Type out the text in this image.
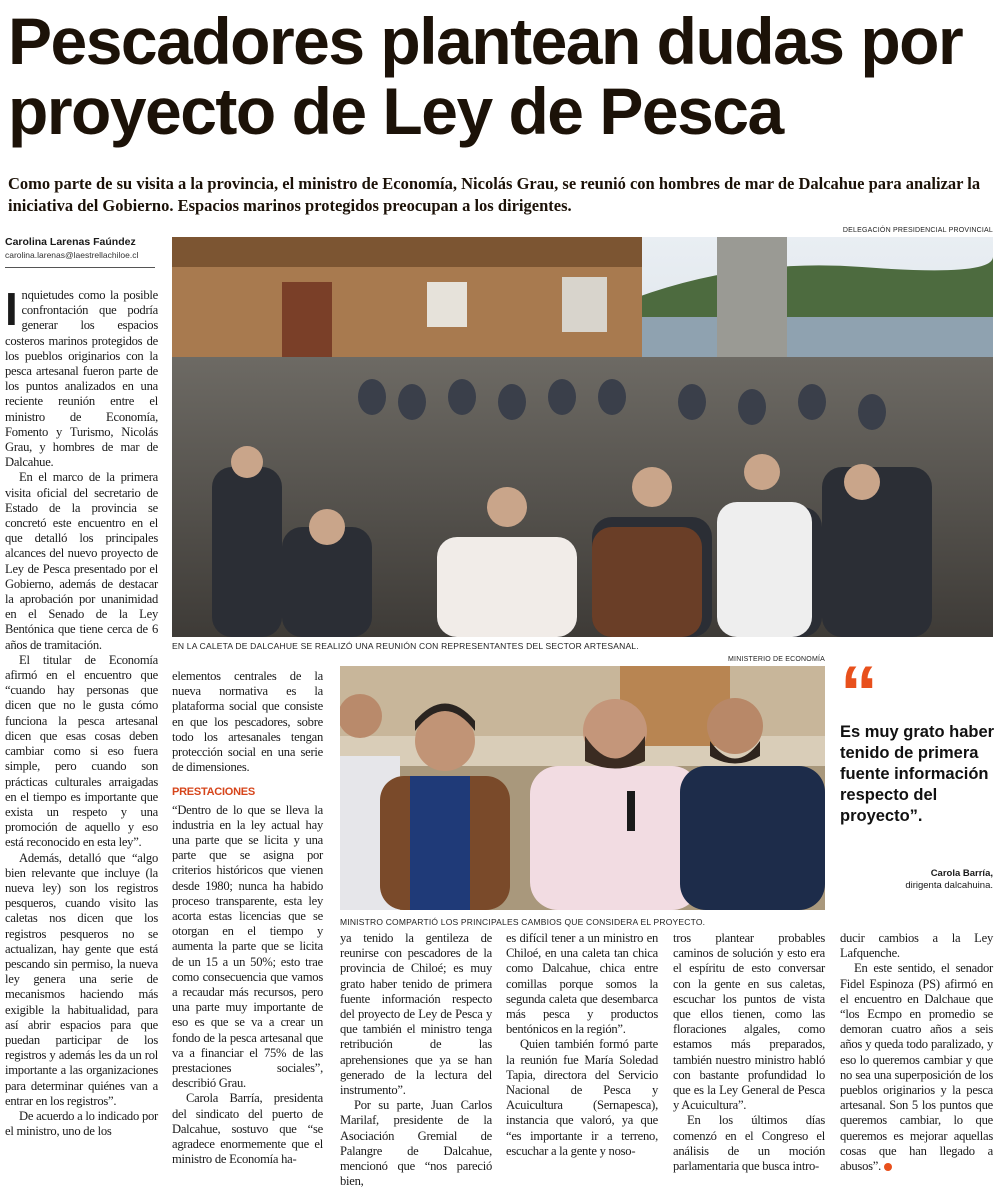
Pescadores plantean dudas por proyecto de Ley de Pesca
Como parte de su visita a la provincia, el ministro de Economía, Nicolás Grau, se reunió con hombres de mar de Dalcahue para analizar la iniciativa del Gobierno. Espacios marinos protegidos preocupan a los dirigentes.
Carolina Larenas Faúndez
carolina.larenas@laestrellachiloe.cl
DELEGACIÓN PRESIDENCIAL PROVINCIAL
EN LA CALETA DE DALCAHUE SE REALIZÓ UNA REUNIÓN CON REPRESENTANTES DEL SECTOR ARTESANAL.
MINISTERIO DE ECONOMÍA
MINISTRO COMPARTIÓ LOS PRINCIPALES CAMBIOS QUE CONSIDERA EL PROYECTO.
“
Es muy grato haber tenido de primera fuente información respecto del proyecto”.
Carola Barría,
dirigenta dalcahuina.

Inquietudes como la posible confrontación que podría generar los espacios costeros marinos protegidos de los pueblos originarios con la pesca artesanal fueron parte de los puntos analizados en una reciente reunión entre el ministro de Economía, Fomento y Turismo, Nicolás Grau, y hombres de mar de Dalcahue.

En el marco de la primera visita oficial del secretario de Estado de la provincia se concretó este encuentro en el que detalló los principales alcances del nuevo proyecto de Ley de Pesca presentado por el Gobierno, además de destacar la aprobación por unanimidad en el Senado de la Ley Bentónica que tiene cerca de 6 años de tramitación.

El titular de Economía afirmó en el encuentro que “cuando hay personas que dicen que no le gusta cómo funciona la pesca artesanal dicen que esas cosas deben cambiar como si eso fuera simple, pero cuando son prácticas culturales arraigadas en el tiempo es importante que exista un respeto y una promoción de aquello y eso está reconocido en esta ley”.

Además, detalló que “algo bien relevante que incluye (la nueva ley) son los registros pesqueros, cuando visito las caletas nos dicen que los registros pesqueros no se actualizan, hay gente que está pescando sin permiso, la nueva ley genera una serie de mecanismos haciendo más exigible la habitualidad, para así abrir espacios para que puedan participar de los registros y además les da un rol importante a las organizaciones para determinar quiénes van a entrar en los registros”.

De acuerdo a lo indicado por el ministro, uno de los

elementos centrales de la nueva normativa es la plataforma social que consiste en que los pescadores, sobre todo los artesanales tengan protección social en una serie de dimensiones.

PRESTACIONES

“Dentro de lo que se lleva la industria en la ley actual hay una parte que se licita y una parte que se asigna por criterios históricos que vienen desde 1980; nunca ha habido proceso transparente, esta ley acorta estas licencias que se otorgan en el tiempo y aumenta la parte que se licita de un 15 a un 50%; esto trae como consecuencia que vamos a recaudar más recursos, pero una parte muy importante de eso es que se va a crear un fondo de la pesca artesanal que va a financiar el 75% de las prestaciones sociales”, describió Grau.

Carola Barría, presidenta del sindicato del puerto de Dalcahue, sostuvo que “se agradece enormemente que el ministro de Economía ha-

ya tenido la gentileza de reunirse con pescadores de la provincia de Chiloé; es muy grato haber tenido de primera fuente información respecto del proyecto de Ley de Pesca y que también el ministro tenga retribución de las aprehensiones que ya se han generado de la lectura del instrumento”.

Por su parte, Juan Carlos Marilaf, presidente de la Asociación Gremial de Palangre de Dalcahue, mencionó que “nos pareció bien,

es difícil tener a un ministro en Chiloé, en una caleta tan chica como Dalcahue, chica entre comillas porque somos la segunda caleta que desembarca más pesca y productos bentónicos en la región”.

Quien también formó parte la reunión fue María Soledad Tapia, directora del Servicio Nacional de Pesca y Acuicultura (Sernapesca), instancia que valoró, ya que “es importante ir a terreno, escuchar a la gente y noso-

tros plantear probables caminos de solución y esto era el espíritu de esto conversar con la gente en sus caletas, escuchar los puntos de vista que ellos tienen, como las floraciones algales, como estamos más preparados, también nuestro ministro habló con bastante profundidad lo que es la Ley General de Pesca y Acuicultura”.

En los últimos días comenzó en el Congreso el análisis de un moción parlamentaria que busca intro-

ducir cambios a la Ley Lafquenche.

En este sentido, el senador Fidel Espinoza (PS) afirmó en el encuentro en Dalchaue que “los Ecmpo en promedio se demoran cuatro años a seis años y queda todo paralizado, y eso lo queremos cambiar y que no sea una superposición de los pueblos originarios y la pesca artesanal. Son 5 los puntos que queremos cambiar, lo que queremos es mejorar aquellas cosas que han llegado a abusos”.
